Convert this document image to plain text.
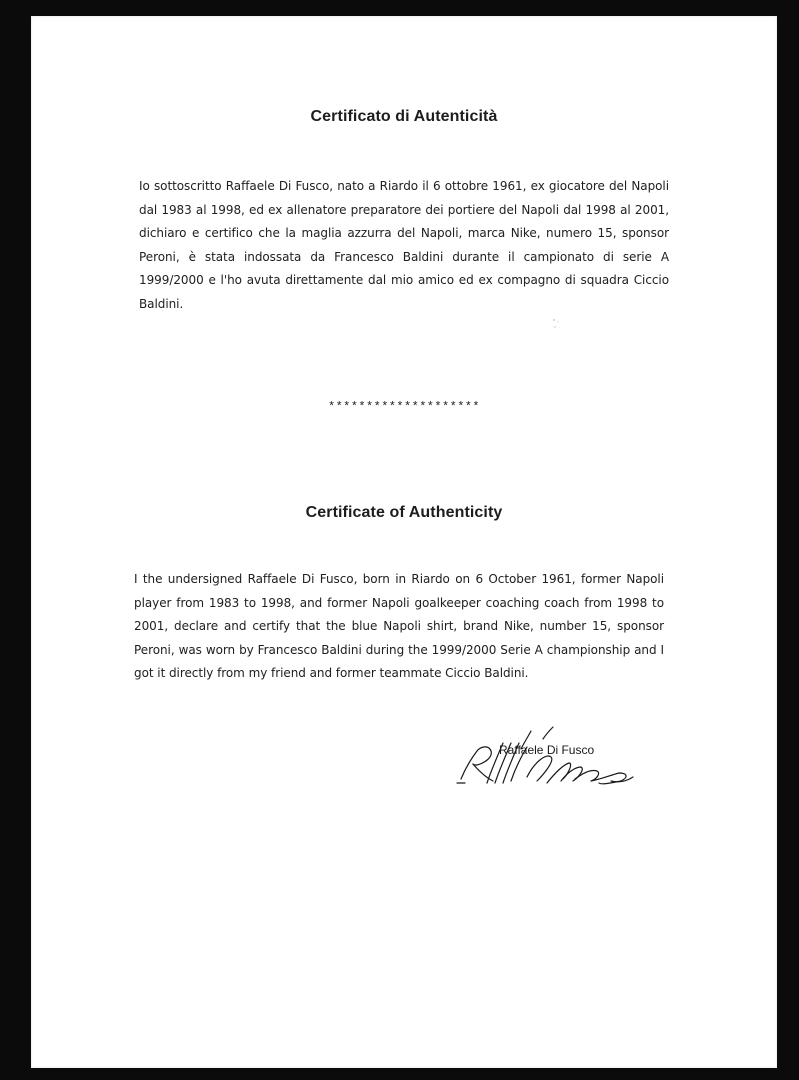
Certificato di Autenticità

Io sottoscritto Raffaele Di Fusco, nato a Riardo il 6 ottobre 1961, ex giocatore del Napoli dal 1983 al 1998, ed ex allenatore preparatore dei portiere del Napoli dal 1998 al 2001, dichiaro e certifico che la maglia azzurra del Napoli, marca Nike, numero 15, sponsor Peroni, è stata indossata da Francesco Baldini durante il campionato di serie A 1999/2000 e l'ho avuta direttamente dal mio amico ed ex compagno di squadra Ciccio Baldini.

********************
Certificate of Authenticity

I the undersigned Raffaele Di Fusco, born in Riardo on 6 October 1961, former Napoli player from 1983 to 1998, and former Napoli goalkeeper coaching coach from 1998 to 2001, declare and certify that the blue Napoli shirt, brand Nike, number 15, sponsor Peroni, was worn by Francesco Baldini during the 1999/2000 Serie A championship and I got it directly from my friend and former teammate Ciccio Baldini.

Raffaele Di Fusco
